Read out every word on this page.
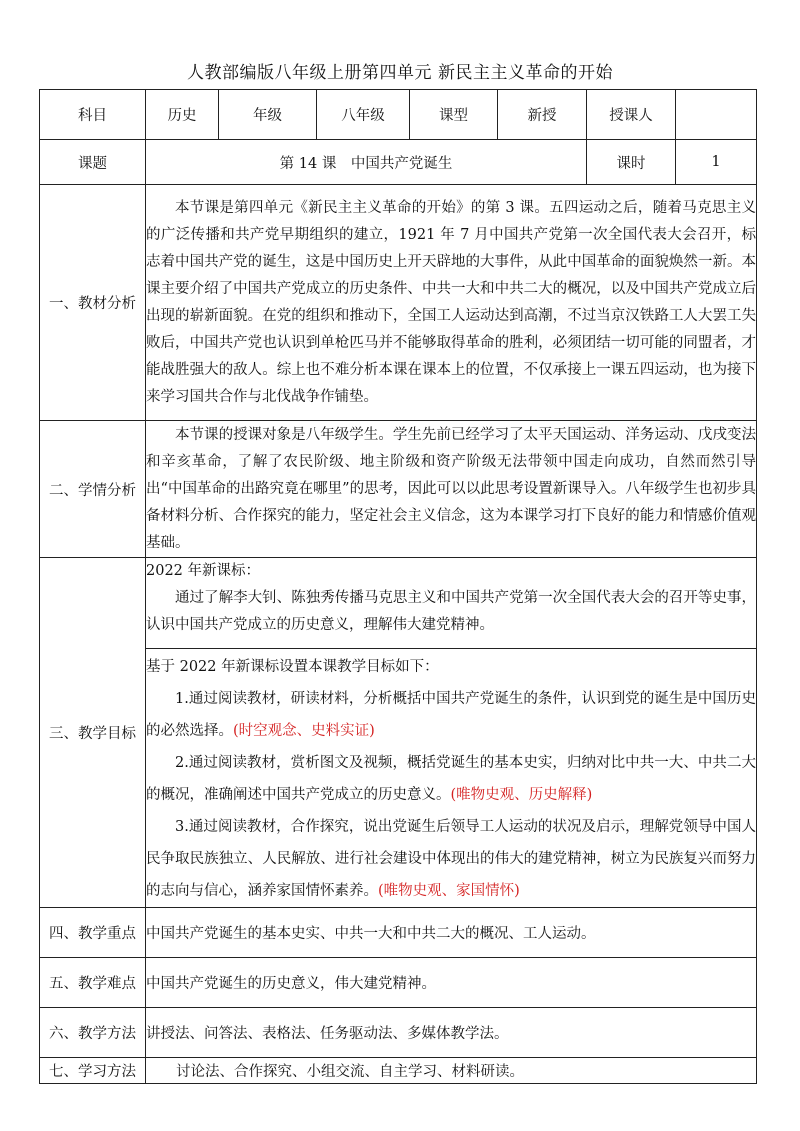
人教部编版八年级上册第四单元 新民主主义革命的开始
科目	历史	年级	八年级	课型	新授	授课人	
课题	第 14 课　中国共产党诞生	课时	1
一、教材分析	

本节课是第四单元《新民主主义革命的开始》的第 3 课。五四运动之后，随着马克思主义的广泛传播和共产党早期组织的建立，1921 年 7 月中国共产党第一次全国代表大会召开，标志着中国共产党的诞生，这是中国历史上开天辟地的大事件，从此中国革命的面貌焕然一新。本课主要介绍了中国共产党成立的历史条件、中共一大和中共二大的概况，以及中国共产党成立后出现的崭新面貌。在党的组织和推动下，全国工人运动达到高潮，不过当京汉铁路工人大罢工失败后，中国共产党也认识到单枪匹马并不能够取得革命的胜利，必须团结一切可能的同盟者，才能战胜强大的敌人。综上也不难分析本课在课本上的位置，不仅承接上一课五四运动，也为接下来学习国共合作与北伐战争作铺垫。

二、学情分析	

本节课的授课对象是八年级学生。学生先前已经学习了太平天国运动、洋务运动、戊戌变法和辛亥革命，了解了农民阶级、地主阶级和资产阶级无法带领中国走向成功，自然而然引导出“中国革命的出路究竟在哪里”的思考，因此可以以此思考设置新课导入。八年级学生也初步具备材料分析、合作探究的能力，坚定社会主义信念，这为本课学习打下良好的能力和情感价值观基础。

三、教学目标	

2022 年新课标：

通过了解李大钊、陈独秀传播马克思主义和中国共产党第一次全国代表大会的召开等史事，认识中国共产党成立的历史意义，理解伟大建党精神。

基于 2022 年新课标设置本课教学目标如下：

1.通过阅读教材，研读材料，分析概括中国共产党诞生的条件，认识到党的诞生是中国历史的必然选择。(时空观念、史料实证)

2.通过阅读教材，赏析图文及视频，概括党诞生的基本史实，归纳对比中共一大、中共二大的概况，准确阐述中国共产党成立的历史意义。(唯物史观、历史解释)

3.通过阅读教材，合作探究，说出党诞生后领导工人运动的状况及启示，理解党领导中国人民争取民族独立、人民解放、进行社会建设中体现出的伟大的建党精神，树立为民族复兴而努力的志向与信心，涵养家国情怀素养。(唯物史观、家国情怀)

四、教学重点	中国共产党诞生的基本史实、中共一大和中共二大的概况、工人运动。
五、教学难点	中国共产党诞生的历史意义，伟大建党精神。
六、教学方法	讲授法、问答法、表格法、任务驱动法、多媒体教学法。
七、学习方法	讨论法、合作探究、小组交流、自主学习、材料研读。
